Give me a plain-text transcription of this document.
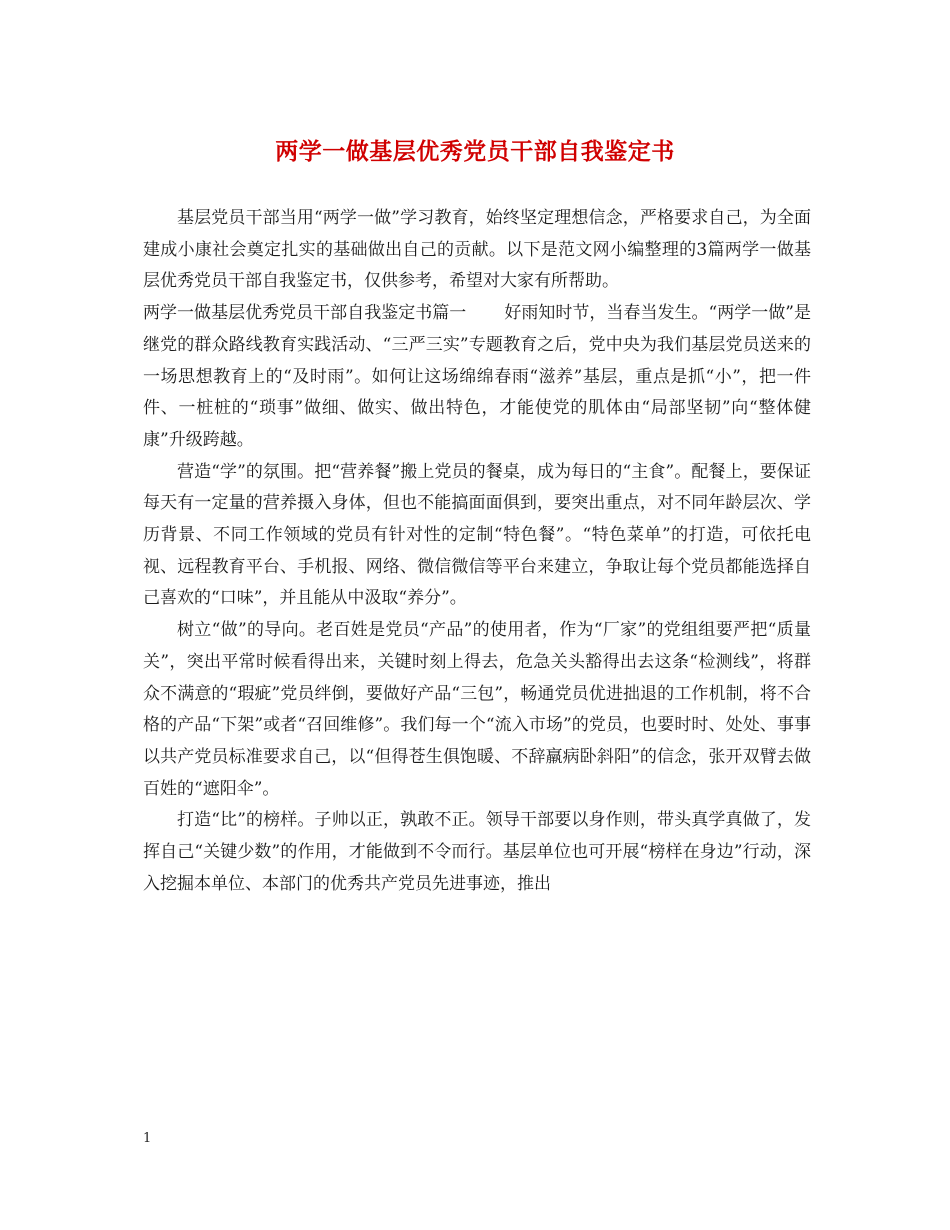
两学一做基层优秀党员干部自我鉴定书

基层党员干部当用“两学一做”学习教育，始终坚定理想信念，严格要求自己，为全面建成小康社会奠定扎实的基础做出自己的贡献。以下是范文网小编整理的3篇两学一做基层优秀党员干部自我鉴定书，仅供参考，希望对大家有所帮助。

两学一做基层优秀党员干部自我鉴定书篇一 好雨知时节，当春当发生。“两学一做”是继党的群众路线教育实践活动、“三严三实”专题教育之后，党中央为我们基层党员送来的一场思想教育上的“及时雨”。如何让这场绵绵春雨“滋养”基层，重点是抓“小”，把一件件、一桩桩的“琐事”做细、做实、做出特色，才能使党的肌体由“局部坚韧”向“整体健康”升级跨越。

营造“学”的氛围。把“营养餐”搬上党员的餐桌，成为每日的“主食”。配餐上，要保证每天有一定量的营养摄入身体，但也不能搞面面俱到，要突出重点，对不同年龄层次、学历背景、不同工作领域的党员有针对性的定制“特色餐”。“特色菜单”的打造，可依托电视、远程教育平台、手机报、网络、微信微信等平台来建立，争取让每个党员都能选择自己喜欢的“口味”，并且能从中汲取“养分”。

树立“做”的导向。老百姓是党员“产品”的使用者，作为“厂家”的党组组要严把“质量关”，突出平常时候看得出来，关键时刻上得去，危急关头豁得出去这条“检测线”，将群众不满意的“瑕疵”党员绊倒，要做好产品“三包”，畅通党员优进拙退的工作机制，将不合格的产品“下架”或者“召回维修”。我们每一个“流入市场”的党员，也要时时、处处、事事以共产党员标准要求自己，以“但得苍生俱饱暖、不辞羸病卧斜阳”的信念，张开双臂去做百姓的“遮阳伞”。

打造“比”的榜样。子帅以正，孰敢不正。领导干部要以身作则，带头真学真做了，发挥自己“关键少数”的作用，才能做到不令而行。基层单位也可开展“榜样在身边”行动，深入挖掘本单位、本部门的优秀共产党员先进事迹，推出

1
